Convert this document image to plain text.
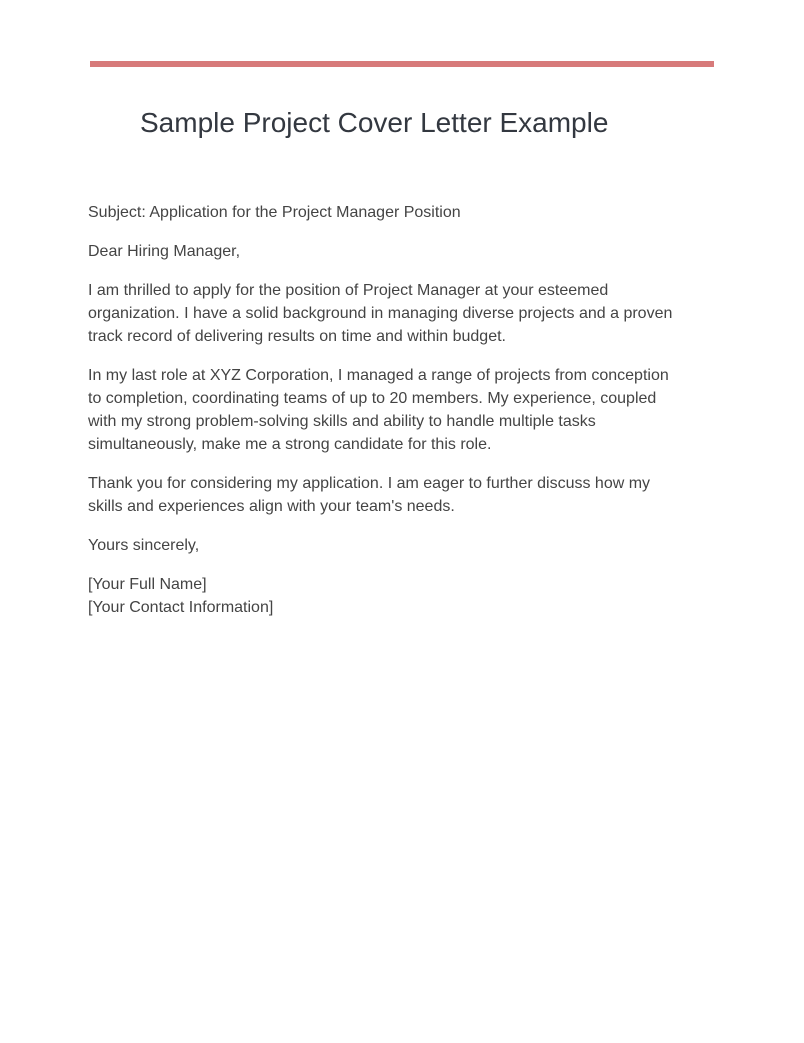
Sample Project Cover Letter Example

Subject: Application for the Project Manager Position

Dear Hiring Manager,

I am thrilled to apply for the position of Project Manager at your esteemed
organization. I have a solid background in managing diverse projects and a proven
track record of delivering results on time and within budget.

In my last role at XYZ Corporation, I managed a range of projects from conception
to completion, coordinating teams of up to 20 members. My experience, coupled
with my strong problem-solving skills and ability to handle multiple tasks
simultaneously, make me a strong candidate for this role.

Thank you for considering my application. I am eager to further discuss how my
skills and experiences align with your team's needs.

Yours sincerely,

[Your Full Name]
[Your Contact Information]
